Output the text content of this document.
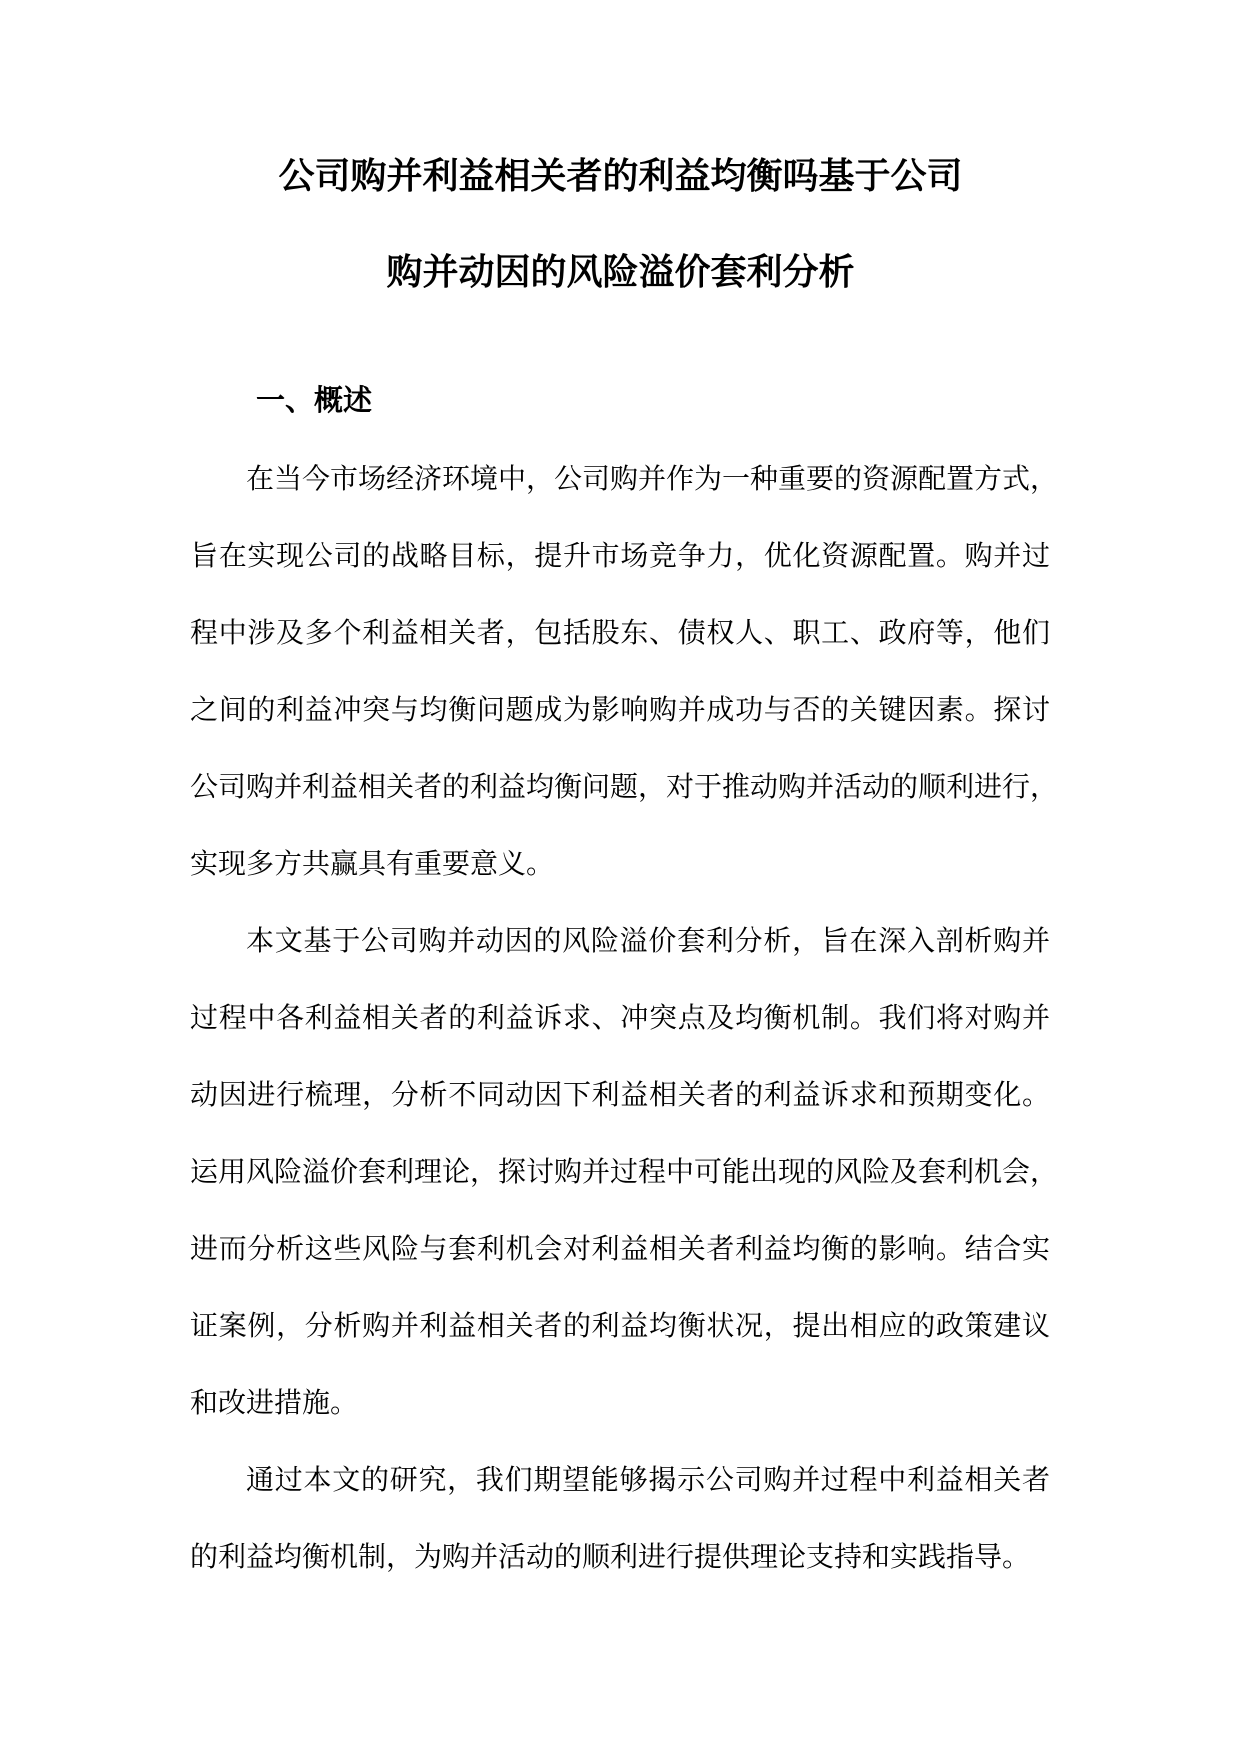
公司购并利益相关者的利益均衡吗基于公司
购并动因的风险溢价套利分析
一、概述
在当今市场经济环境中，公司购并作为一种重要的资源配置方式，
旨在实现公司的战略目标，提升市场竞争力，优化资源配置。购并过
程中涉及多个利益相关者，包括股东、债权人、职工、政府等，他们
之间的利益冲突与均衡问题成为影响购并成功与否的关键因素。探讨
公司购并利益相关者的利益均衡问题，对于推动购并活动的顺利进行，
实现多方共赢具有重要意义。
本文基于公司购并动因的风险溢价套利分析，旨在深入剖析购并
过程中各利益相关者的利益诉求、冲突点及均衡机制。我们将对购并
动因进行梳理，分析不同动因下利益相关者的利益诉求和预期变化。
运用风险溢价套利理论，探讨购并过程中可能出现的风险及套利机会，
进而分析这些风险与套利机会对利益相关者利益均衡的影响。结合实
证案例，分析购并利益相关者的利益均衡状况，提出相应的政策建议
和改进措施。
通过本文的研究，我们期望能够揭示公司购并过程中利益相关者
的利益均衡机制，为购并活动的顺利进行提供理论支持和实践指导。
